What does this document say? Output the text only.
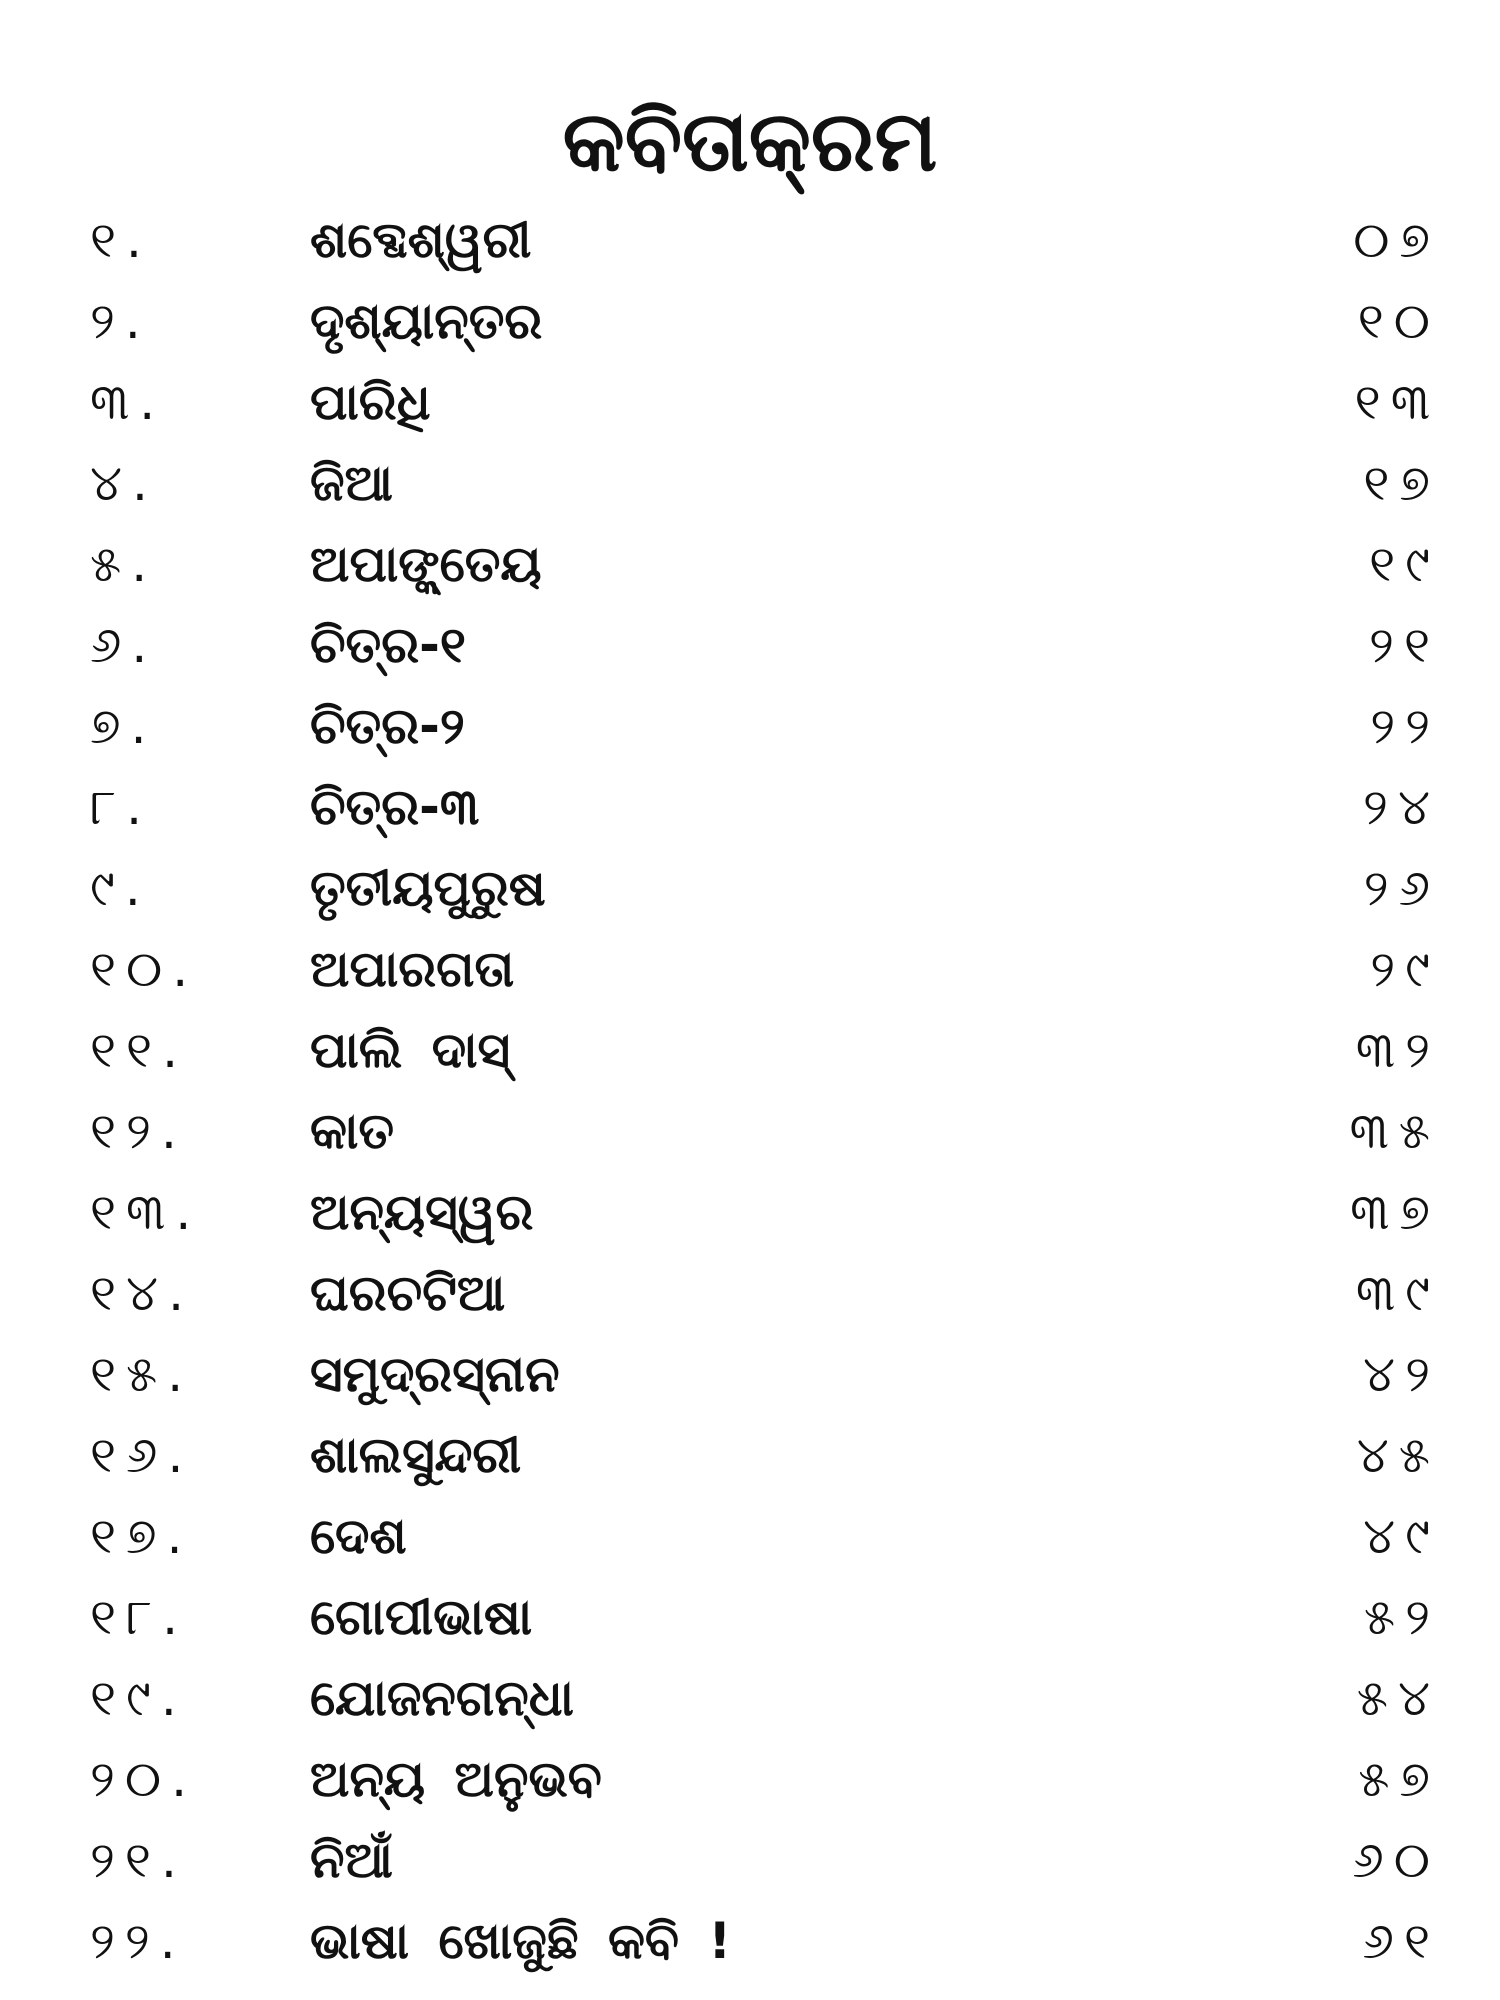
କବିତାକ୍ରମ
୧.	ଶବ୍ଦେଶ୍ୱରୀ	୦୭
୨.	ଦୃଶ୍ୟାନ୍ତର	୧୦
୩.	ପାରିଧି	୧୩
୪.	ଜିଆ	୧୭
୫.	ଅପାଙ୍କ୍ତେୟ	୧୯
୬.	ଚିତ୍ର-୧	୨୧
୭.	ଚିତ୍ର-୨	୨୨
୮.	ଚିତ୍ର-୩	୨୪
୯.	ତୃତୀୟପୁରୁଷ	୨୬
୧୦.	ଅପାରଗତା	୨୯
୧୧.	ପାଲି ଦାସ୍	୩୨
୧୨.	କାତ	୩୫
୧୩.	ଅନ୍ୟସ୍ୱର	୩୭
୧୪.	ଘରଚଟିଆ	୩୯
୧୫.	ସମୁଦ୍ରସ୍ନାନ	୪୨
୧୬.	ଶାଲସୁନ୍ଦରୀ	୪୫
୧୭.	ଦେଶ	୪୯
୧୮.	ଗୋପୀଭାଷା	୫୨
୧୯.	ଯୋଜନଗନ୍ଧା	୫୪
୨୦.	ଅନ୍ୟ ଅନୁଭବ	୫୭
୨୧.	ନିଆଁ	୬୦
୨୨.	ଭାଷା ଖୋଜୁଛି କବି !	୬୧
